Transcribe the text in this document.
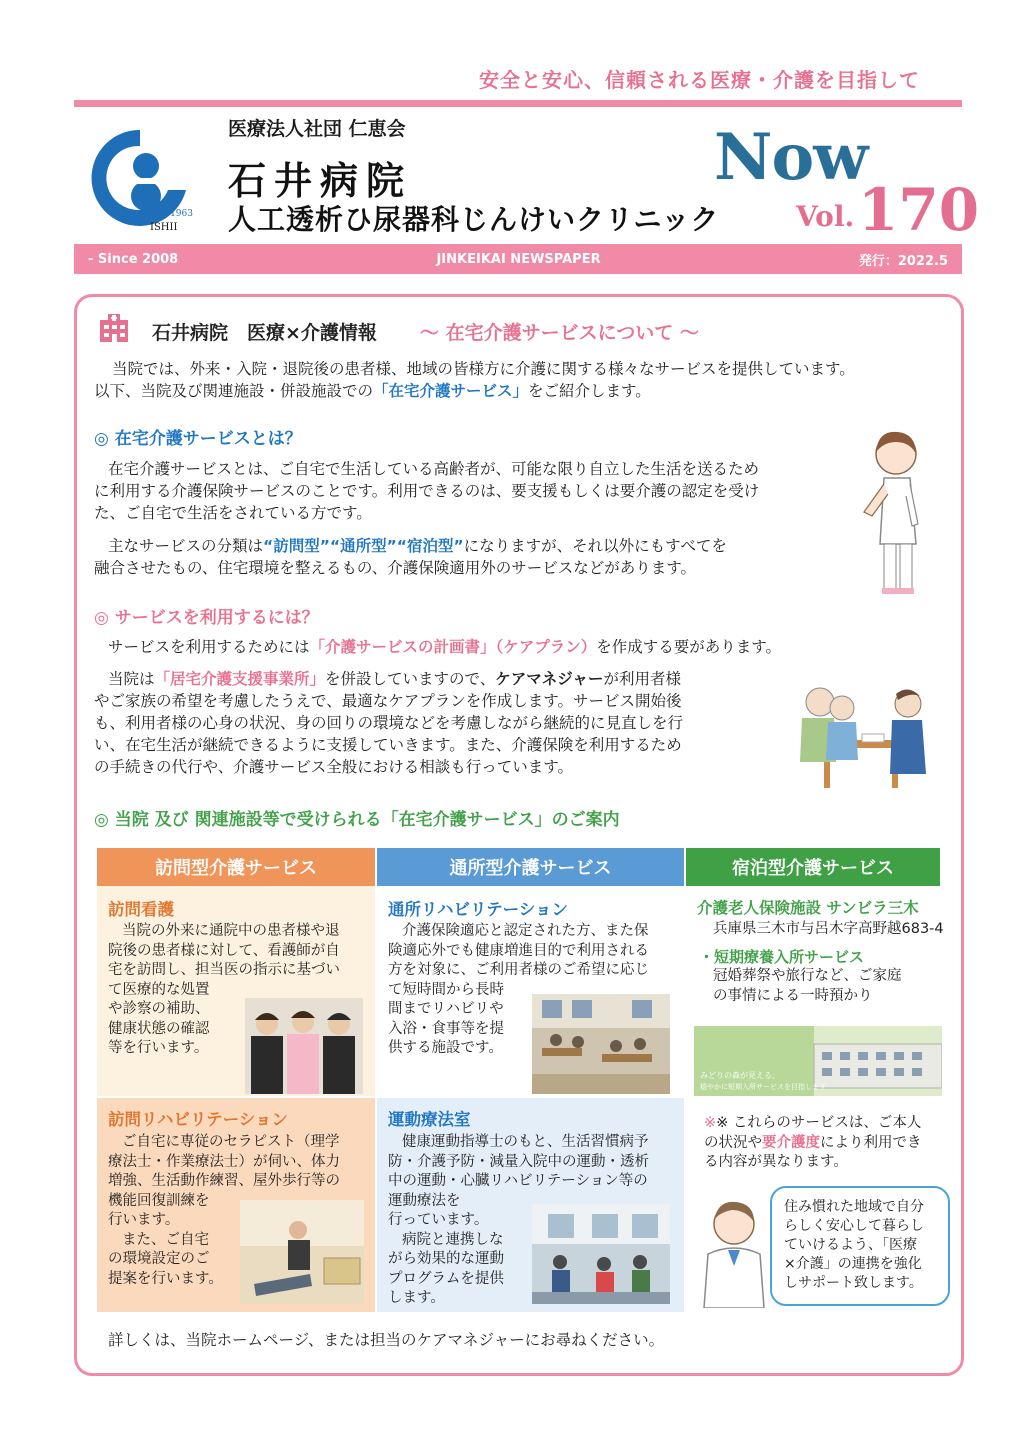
安全と安心、信頼される医療・介護を目指して
Since 1963
ISHII
医療法人社団 仁恵会
石井病院
人工透析ひ尿器科じんけいクリニック
Now
Vol. 170
- Since 2008	JINKEIKAI NEWSPAPER	発行：2022.5
石井病院　医療×介護情報 ～ 在宅介護サービスについて ～
当院では、外来・入院・退院後の患者様、地域の皆様方に介護に関する様々なサービスを提供しています。
以下、当院及び関連施設・併設施設での「在宅介護サービス」をご紹介します。
◎ 在宅介護サービスとは？
在宅介護サービスとは、ご自宅で生活している高齢者が、可能な限り自立した生活を送るため
に利用する介護保険サービスのことです。利用できるのは、要支援もしくは要介護の認定を受け
た、ご自宅で生活をされている方です。
主なサービスの分類は“訪問型”“通所型”“宿泊型”になりますが、それ以外にもすべてを
融合させたもの、住宅環境を整えるもの、介護保険適用外のサービスなどがあります。
◎ サービスを利用するには？
サービスを利用するためには「介護サービスの計画書」（ケアプラン）を作成する要があります。
当院は「居宅介護支援事業所」を併設していますので、ケアマネジャーが利用者様
やご家族の希望を考慮したうえで、最適なケアプランを作成します。サービス開始後
も、利用者様の心身の状況、身の回りの環境などを考慮しながら継続的に見直しを行
い、在宅生活が継続できるように支援していきます。また、介護保険を利用するため
の手続きの代行や、介護サービス全般における相談も行っています。
◎ 当院 及び 関連施設等で受けられる「在宅介護サービス」のご案内
訪問型介護サービス	通所型介護サービス	宿泊型介護サービス
訪問看護
当院の外来に通院中の患者様や退
院後の患者様に対して、看護師が自
宅を訪問し、担当医の指示に基づい
て医療的な処置
や診察の補助、
健康状態の確認
等を行います。
訪問リハビリテーション
ご自宅に専従のセラピスト（理学
療法士・作業療法士）が伺い、体力
増強、生活動作練習、屋外歩行等の
機能回復訓練を
行います。
また、ご自宅
の環境設定のご
提案を行います。
通所リハビリテーション
介護保険適応と認定された方、また保
険適応外でも健康増進目的で利用される
方を対象に、ご利用者様のご希望に応じ
て短時間から長時
間までリハビリや
入浴・食事等を提
供する施設です。
運動療法室
健康運動指導士のもと、生活習慣病予
防・介護予防・減量入院中の運動・透析
中の運動・心臓リハビリテーション等の
運動療法を
行っています。
病院と連携しな
がら効果的な運動
プログラムを提供
します。
介護老人保険施設 サンビラ三木
兵庫県三木市与呂木字高野越683-4
・短期療養入所サービス
冠婚葬祭や旅行など、ご家庭
の事情による一時預かり
みどりの森が見える、
穏やかに短期入所サービスを目指します
※※ これらのサービスは、ご本人
の状況や要介護度により利用でき
る内容が異なります。
住み慣れた地域で自分
らしく安心して暮らし
ていけるよう、「医療
×介護」の連携を強化
しサポート致します。
詳しくは、当院ホームページ、または担当のケアマネジャーにお尋ねください。
